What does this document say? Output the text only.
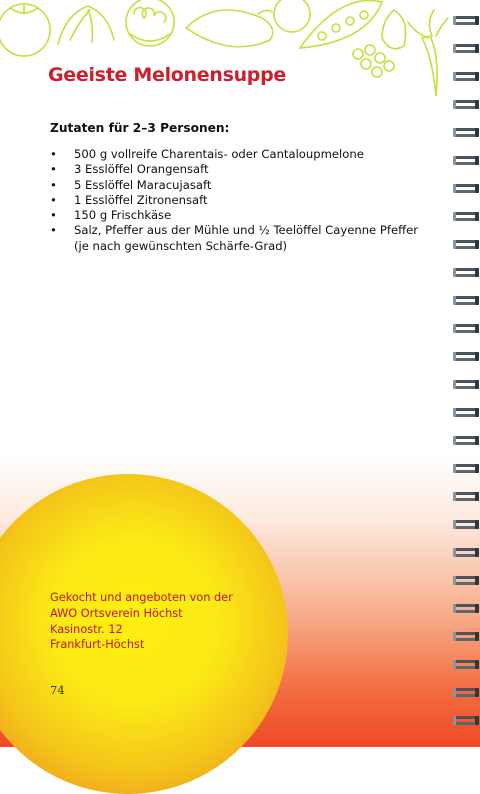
Geeiste Melonensuppe

Zutaten für 2–3 Personen:

• 500 g vollreife Charentais- oder Cantaloupmelone
• 3 Esslöffel Orangensaft
• 5 Esslöffel Maracujasaft
• 1 Esslöffel Zitronensaft
• 150 g Frischkäse
• Salz, Pfeffer aus der Mühle und ½ Teelöffel Cayenne Pfeffer (je nach gewünschten Schärfe-Grad)
Gekocht und angeboten von der
AWO Ortsverein Höchst
Kasinostr. 12
Frankfurt-Höchst

74
